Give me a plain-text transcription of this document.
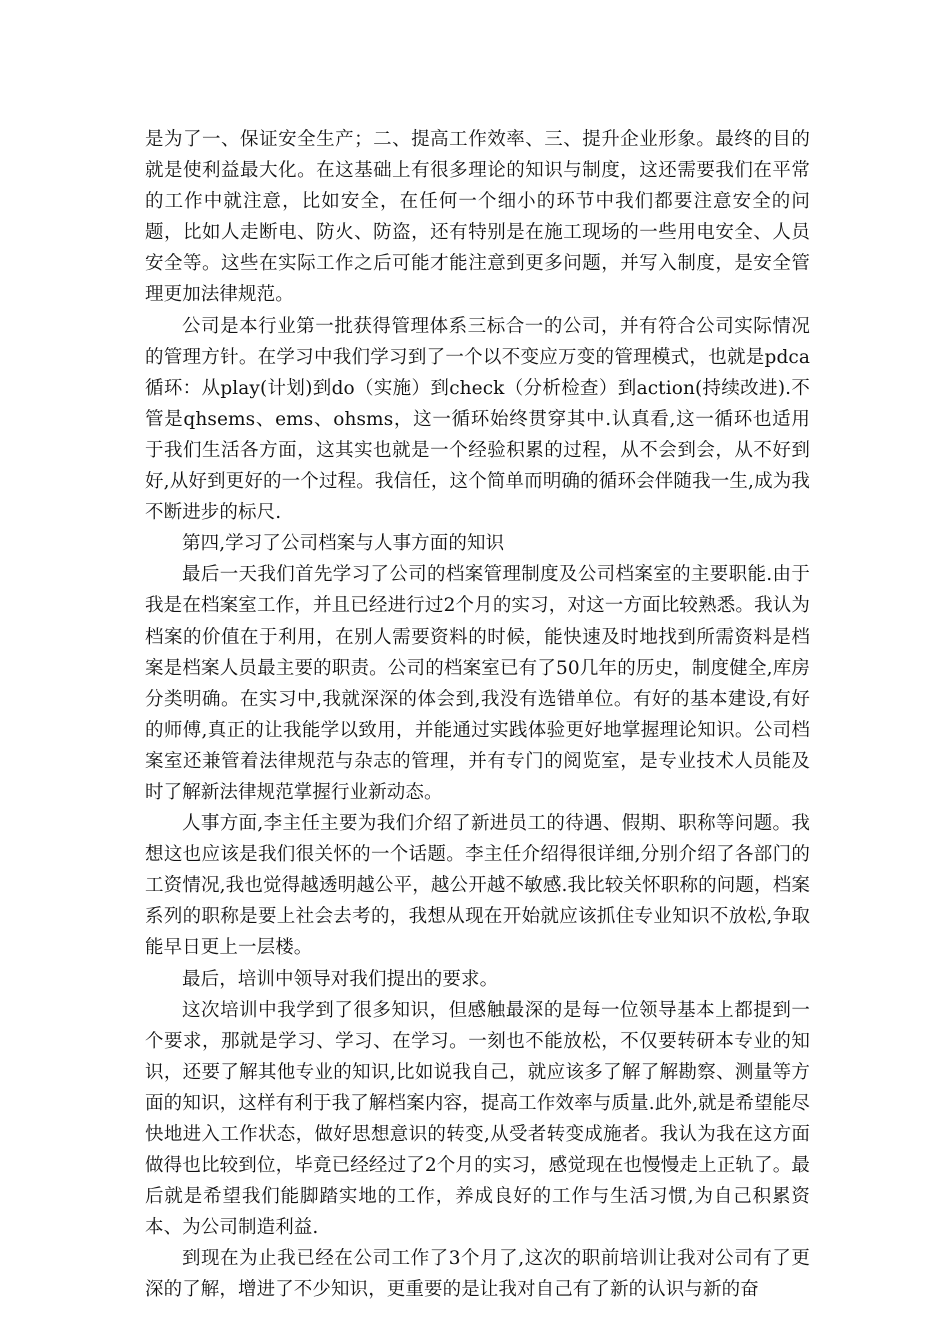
是为了一、保证安全生产；二、提高工作效率、三、提升企业形象。最终的目的就是使利益最大化。在这基础上有很多理论的知识与制度，这还需要我们在平常的工作中就注意，比如安全，在任何一个细小的环节中我们都要注意安全的问题，比如人走断电、防火、防盗，还有特别是在施工现场的一些用电安全、人员安全等。这些在实际工作之后可能才能注意到更多问题，并写入制度，是安全管理更加法律规范。

公司是本行业第一批获得管理体系三标合一的公司，并有符合公司实际情况的管理方针。在学习中我们学习到了一个以不变应万变的管理模式，也就是pdca循环：从play(计划)到do（实施）到check（分析检查）到action(持续改进).不管是qhsems、ems、ohsms，这一循环始终贯穿其中.认真看,这一循环也适用于我们生活各方面，这其实也就是一个经验积累的过程，从不会到会，从不好到好,从好到更好的一个过程。我信任，这个简单而明确的循环会伴随我一生,成为我不断进步的标尺.

第四,学习了公司档案与人事方面的知识

最后一天我们首先学习了公司的档案管理制度及公司档案室的主要职能.由于我是在档案室工作，并且已经进行过2个月的实习，对这一方面比较熟悉。我认为档案的价值在于利用，在别人需要资料的时候，能快速及时地找到所需资料是档案是档案人员最主要的职责。公司的档案室已有了50几年的历史，制度健全,库房分类明确。在实习中,我就深深的体会到,我没有选错单位。有好的基本建设,有好的师傅,真正的让我能学以致用，并能通过实践体验更好地掌握理论知识。公司档案室还兼管着法律规范与杂志的管理，并有专门的阅览室，是专业技术人员能及时了解新法律规范掌握行业新动态。

人事方面,李主任主要为我们介绍了新进员工的待遇、假期、职称等问题。我想这也应该是我们很关怀的一个话题。李主任介绍得很详细,分别介绍了各部门的工资情况,我也觉得越透明越公平，越公开越不敏感.我比较关怀职称的问题，档案系列的职称是要上社会去考的，我想从现在开始就应该抓住专业知识不放松,争取能早日更上一层楼。

最后，培训中领导对我们提出的要求。

这次培训中我学到了很多知识，但感触最深的是每一位领导基本上都提到一个要求，那就是学习、学习、在学习。一刻也不能放松，不仅要转研本专业的知识，还要了解其他专业的知识,比如说我自己，就应该多了解了解勘察、测量等方面的知识，这样有利于我了解档案内容，提高工作效率与质量.此外,就是希望能尽快地进入工作状态，做好思想意识的转变,从受者转变成施者。我认为我在这方面做得也比较到位，毕竟已经经过了2个月的实习，感觉现在也慢慢走上正轨了。最后就是希望我们能脚踏实地的工作，养成良好的工作与生活习惯,为自己积累资本、为公司制造利益.

到现在为止我已经在公司工作了3个月了,这次的职前培训让我对公司有了更深的了解，增进了不少知识，更重要的是让我对自己有了新的认识与新的奋
